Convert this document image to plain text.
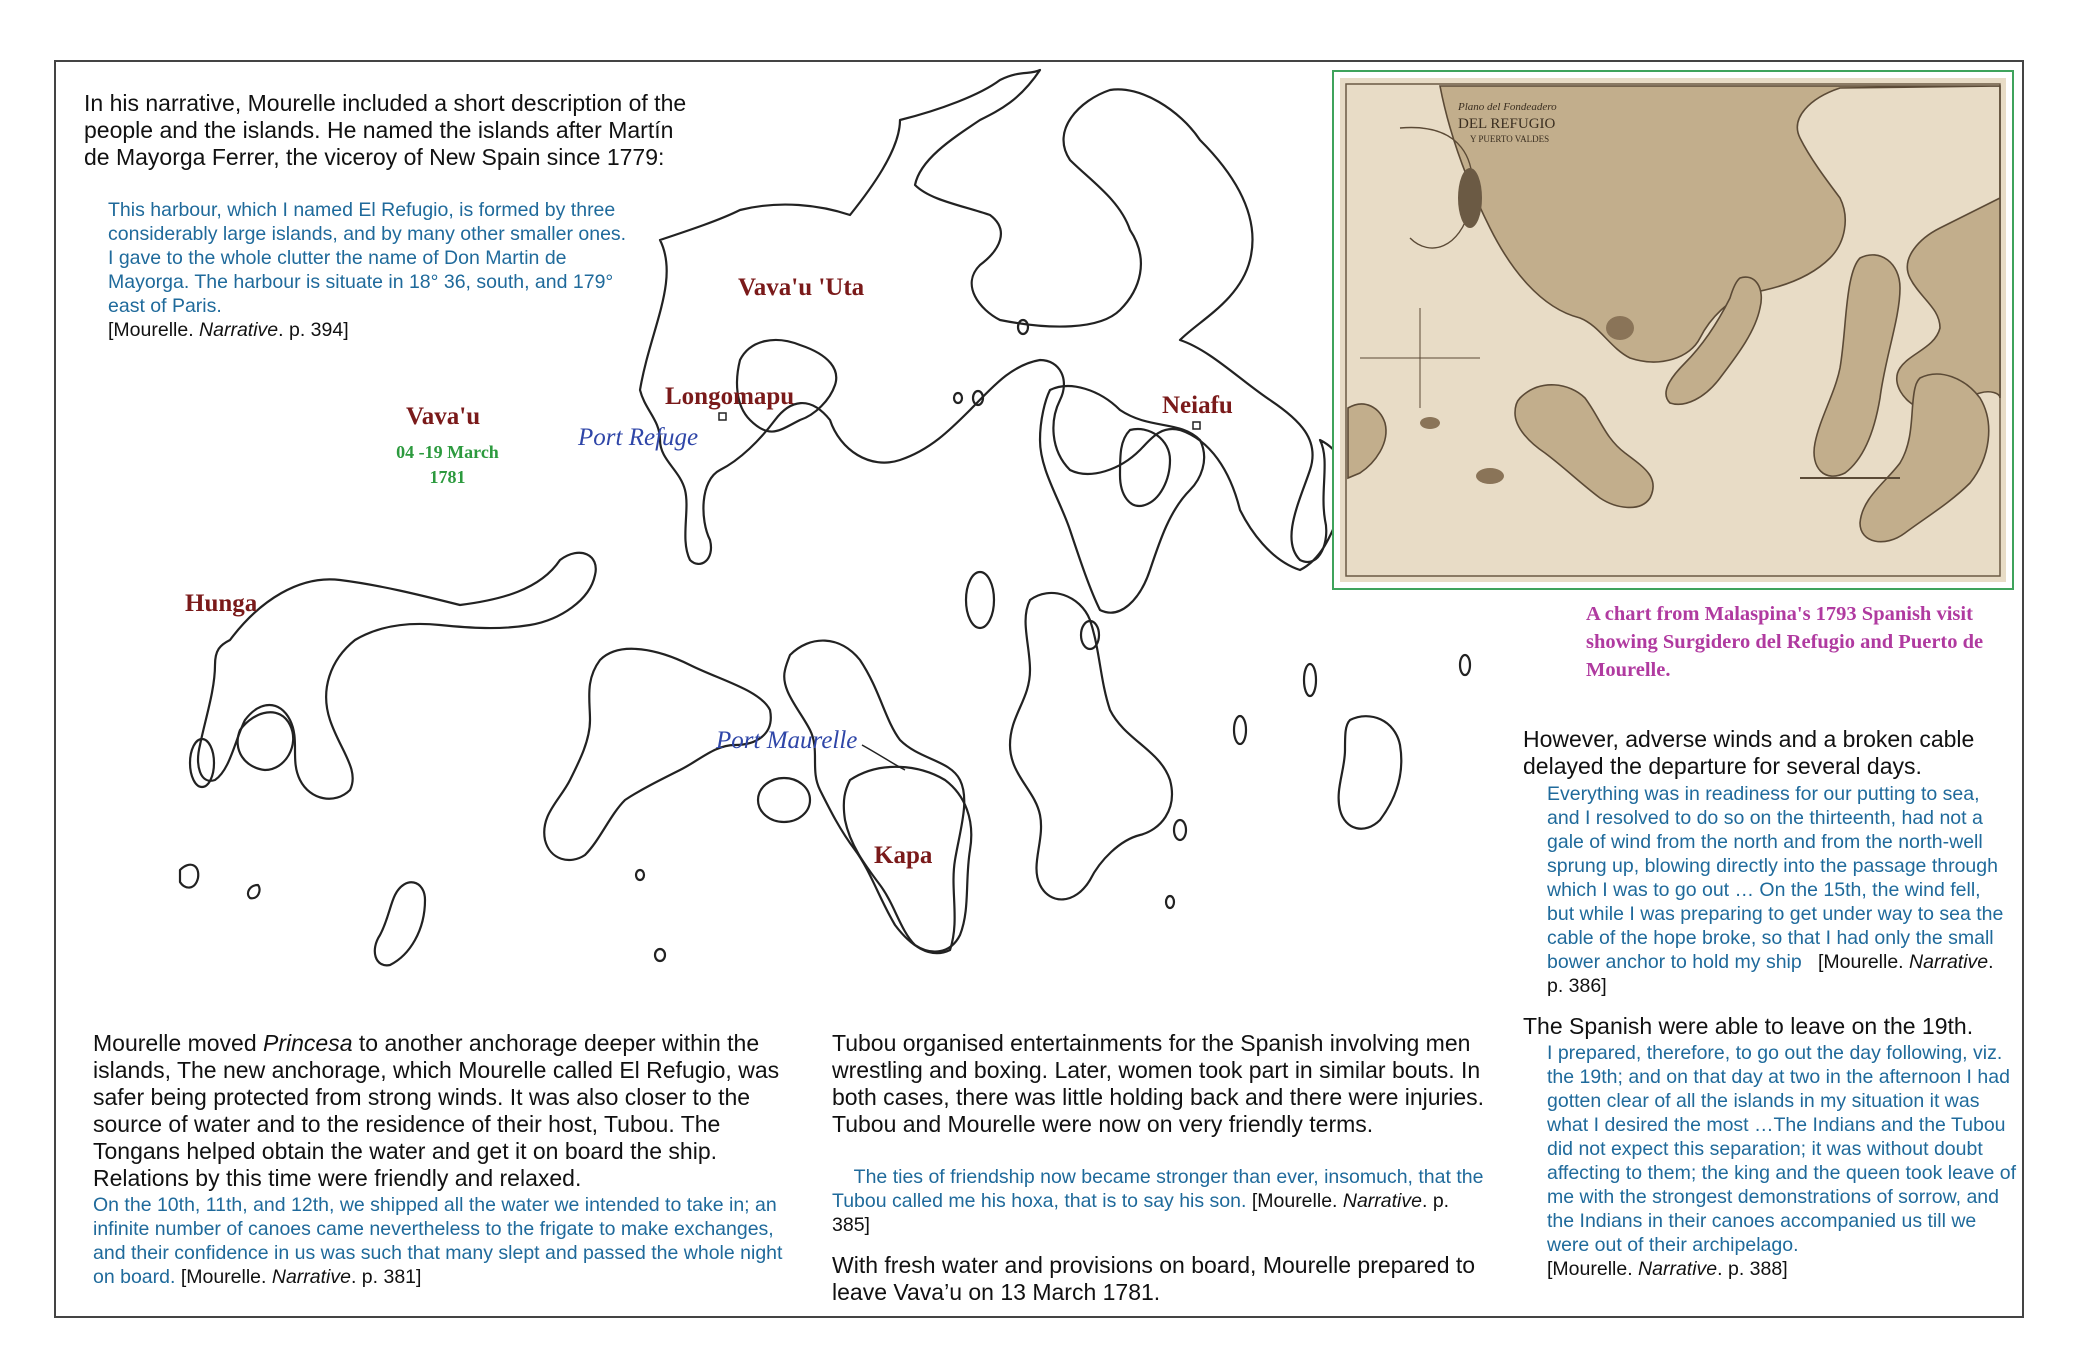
Vava'u 'Uta
Vava'u
04 -19 March
1781
Longomapu
Port Refuge
Neiafu
Hunga
Port Maurelle
Kapa
In his narrative, Mourelle included a short description of the people and the islands. He named the islands after Martín de Mayorga Ferrer, the viceroy of New Spain since 1779:
This harbour, which I named El Refugio, is formed by three considerably large islands, and by many other smaller ones. I gave to the whole clutter the name of Don Martin de Mayorga. The harbour is situate in 18° 36, south, and 179° east of Paris.
[Mourelle. Narrative. p. 394]
Plano del Fondeadero
DEL REFUGIO
Y PUERTO VALDES
A chart from Malaspina's 1793 Spanish visit showing Surgidero del Refugio and Puerto de Mourelle.
However, adverse winds and a broken cable delayed the departure for several days.
Everything was in readiness for our putting to sea, and I resolved to do so on the thirteenth, had not a gale of wind from the north and from the north-well sprung up, blowing directly into the passage through which I was to go out … On the 15th, the wind fell, but while I was preparing to get under way to sea the cable of the hope broke, so that I had only the small bower anchor to hold my ship [Mourelle. Narrative. p. 386]
The Spanish were able to leave on the 19th.
I prepared, therefore, to go out the day following, viz. the 19th; and on that day at two in the afternoon I had gotten clear of all the islands in my situation it was what I desired the most …The Indians and the Tubou did not expect this separation; it was without doubt affecting to them; the king and the queen took leave of me with the strongest demonstrations of sorrow, and the Indians in their canoes accompanied us till we were out of their archipelago.
[Mourelle. Narrative. p. 388]
Mourelle moved Princesa to another anchorage deeper within the islands, The new anchorage, which Mourelle called El Refugio, was safer being protected from strong winds. It was also closer to the source of water and to the residence of their host, Tubou. The Tongans helped obtain the water and get it on board the ship. Relations by this time were friendly and relaxed.
On the 10th, 11th, and 12th, we shipped all the water we intended to take in; an infinite number of canoes came nevertheless to the frigate to make exchanges, and their confidence in us was such that many slept and passed the whole night on board. [Mourelle. Narrative. p. 381]
Tubou organised entertainments for the Spanish involving men wrestling and boxing. Later, women took part in similar bouts. In both cases, there was little holding back and there were injuries. Tubou and Mourelle were now on very friendly terms.
The ties of friendship now became stronger than ever, insomuch, that the Tubou called me his hoxa, that is to say his son. [Mourelle. Narrative. p. 385]
With fresh water and provisions on board, Mourelle prepared to leave Vava’u on 13 March 1781.
